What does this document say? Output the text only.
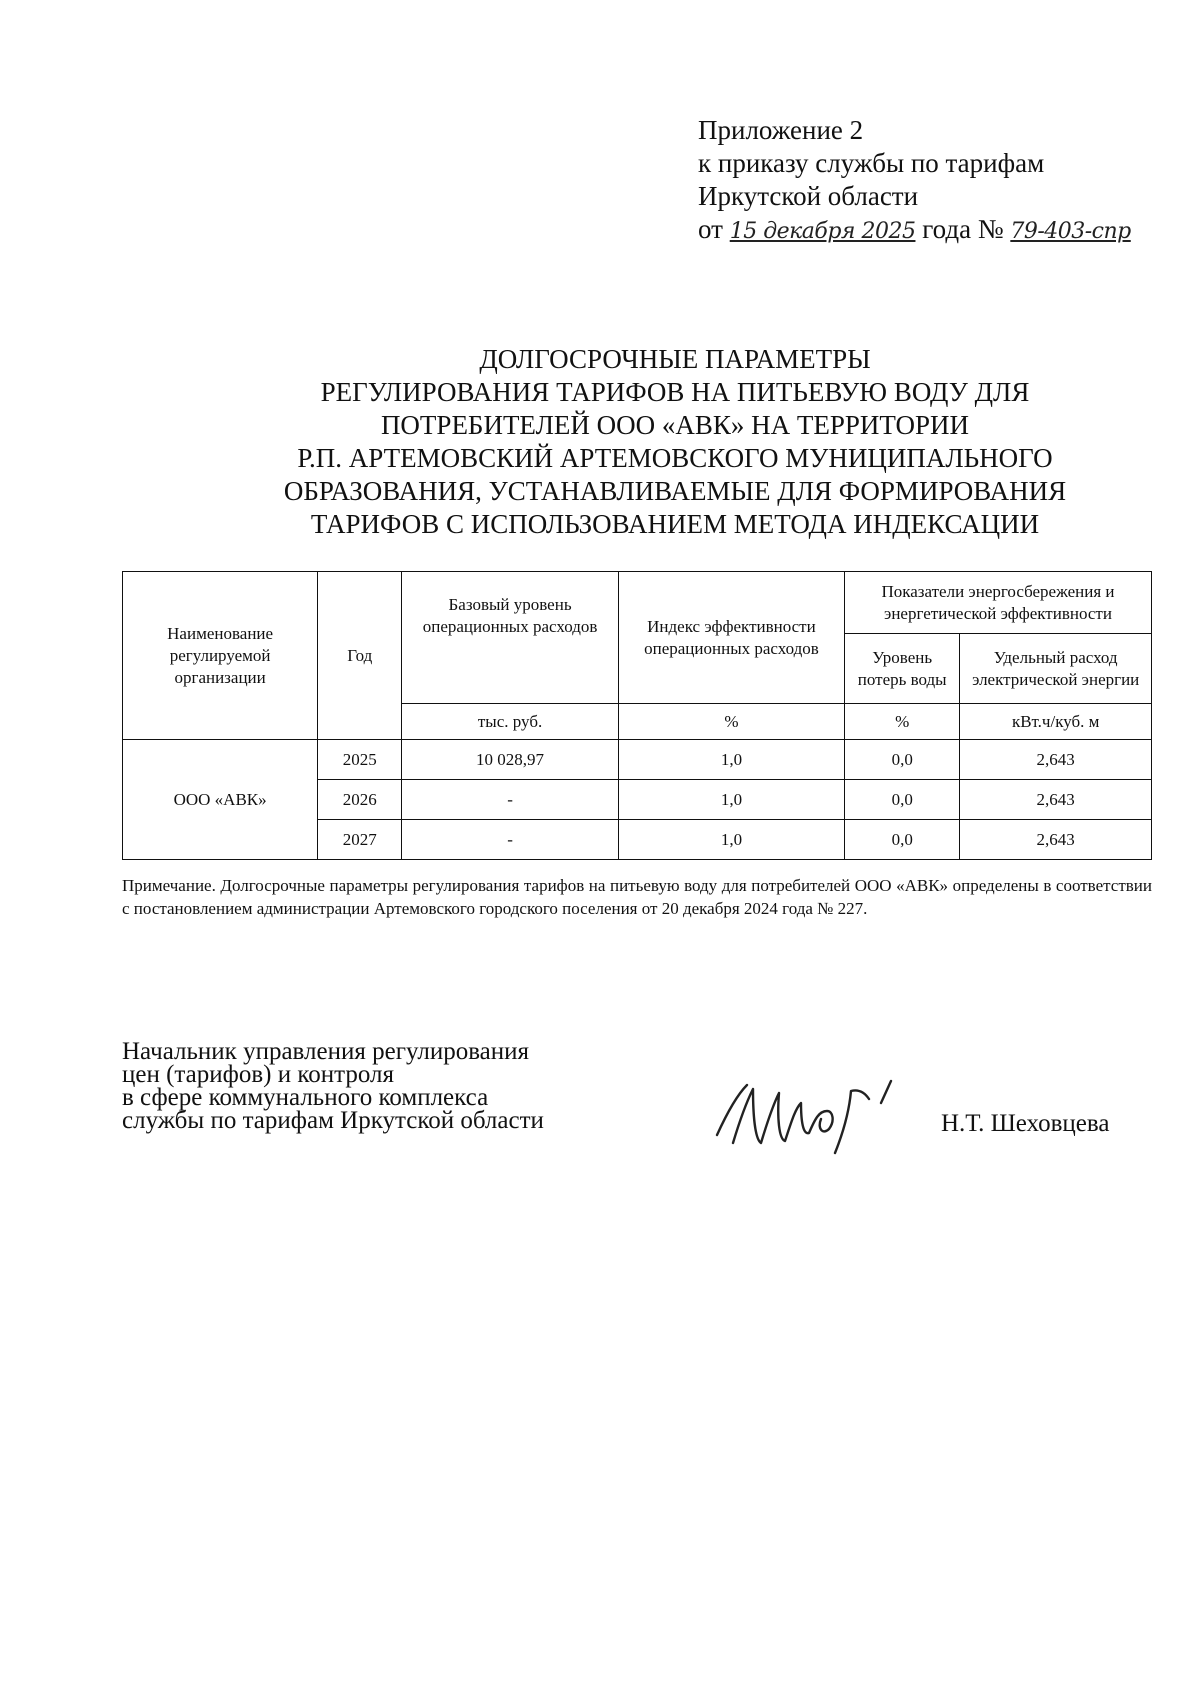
Приложение 2
к приказу службы по тарифам
Иркутской области
от 15 декабря 2025 года № 79-403-спр
ДОЛГОСРОЧНЫЕ ПАРАМЕТРЫ
РЕГУЛИРОВАНИЯ ТАРИФОВ НА ПИТЬЕВУЮ ВОДУ ДЛЯ
ПОТРЕБИТЕЛЕЙ ООО «АВК» НА ТЕРРИТОРИИ
Р.П. АРТЕМОВСКИЙ АРТЕМОВСКОГО МУНИЦИПАЛЬНОГО
ОБРАЗОВАНИЯ, УСТАНАВЛИВАЕМЫЕ ДЛЯ ФОРМИРОВАНИЯ
ТАРИФОВ С ИСПОЛЬЗОВАНИЕМ МЕТОДА ИНДЕКСАЦИИ
Наименование регулируемой организации	Год	Базовый уровень операционных расходов	Индекс эффективности операционных расходов	Показатели энергосбережения и энергетической эффективности	
				Уровень потерь воды	Удельный расход электрической энергии
		тыс. руб.	%	%	кВт.ч/куб. м
ООО «АВК»	2025	10 028,97	1,0	0,0	2,643
	2026	-	1,0	0,0	2,643
	2027	-	1,0	0,0	2,643
Примечание. Долгосрочные параметры регулирования тарифов на питьевую воду для потребителей ООО «АВК» определены в соответствии с постановлением администрации Артемовского городского поселения от 20 декабря 2024 года № 227.
Начальник управления регулирования
цен (тарифов) и контроля
в сфере коммунального комплекса
службы по тарифам Иркутской области	Н.Т. Шеховцева
